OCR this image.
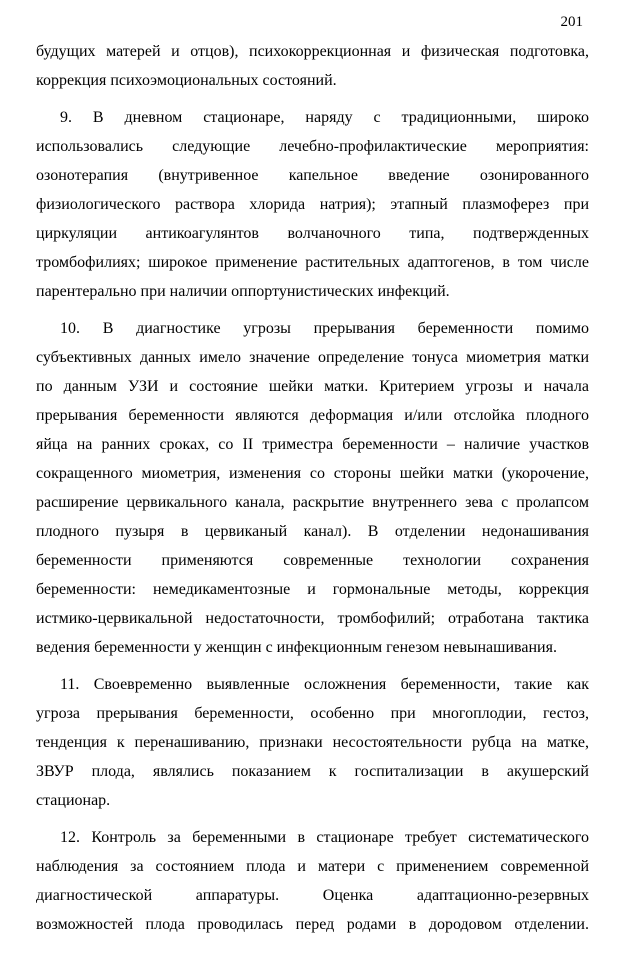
201
будущих матерей и отцов), психокоррекционная и физическая подготовка,
коррекция психоэмоциональных состояний.
9. В дневном стационаре, наряду с традиционными, широко
использовались следующие лечебно-профилактические мероприятия:
озонотерапия (внутривенное капельное введение озонированного
физиологического раствора хлорида натрия); этапный плазмоферез при
циркуляции антикоагулянтов волчаночного типа, подтвержденных
тромбофилиях; широкое применение растительных адаптогенов, в том числе
парентерально при наличии оппортунистических инфекций.
10. В диагностике угрозы прерывания беременности помимо
субъективных данных имело значение определение тонуса миометрия матки
по данным УЗИ и состояние шейки матки. Критерием угрозы и начала
прерывания беременности являются деформация и/или отслойка плодного
яйца на ранних сроках, со II триместра беременности – наличие участков
сокращенного миометрия, изменения со стороны шейки матки (укорочение,
расширение цервикального канала, раскрытие внутреннего зева с пролапсом
плодного пузыря в цервиканый канал). В отделении недонашивания
беременности применяются современные технологии сохранения
беременности: немедикаментозные и гормональные методы, коррекция
истмико-цервикальной недостаточности, тромбофилий; отработана тактика
ведения беременности у женщин с инфекционным генезом невынашивания.
11. Своевременно выявленные осложнения беременности, такие как
угроза прерывания беременности, особенно при многоплодии, гестоз,
тенденция к перенашиванию, признаки несостоятельности рубца на матке,
ЗВУР плода, являлись показанием к госпитализации в акушерский
стационар.
12. Контроль за беременными в стационаре требует систематического
наблюдения за состоянием плода и матери с применением современной
диагностической аппаратуры. Оценка адаптационно-резервных
возможностей плода проводилась перед родами в дородовом отделении.
